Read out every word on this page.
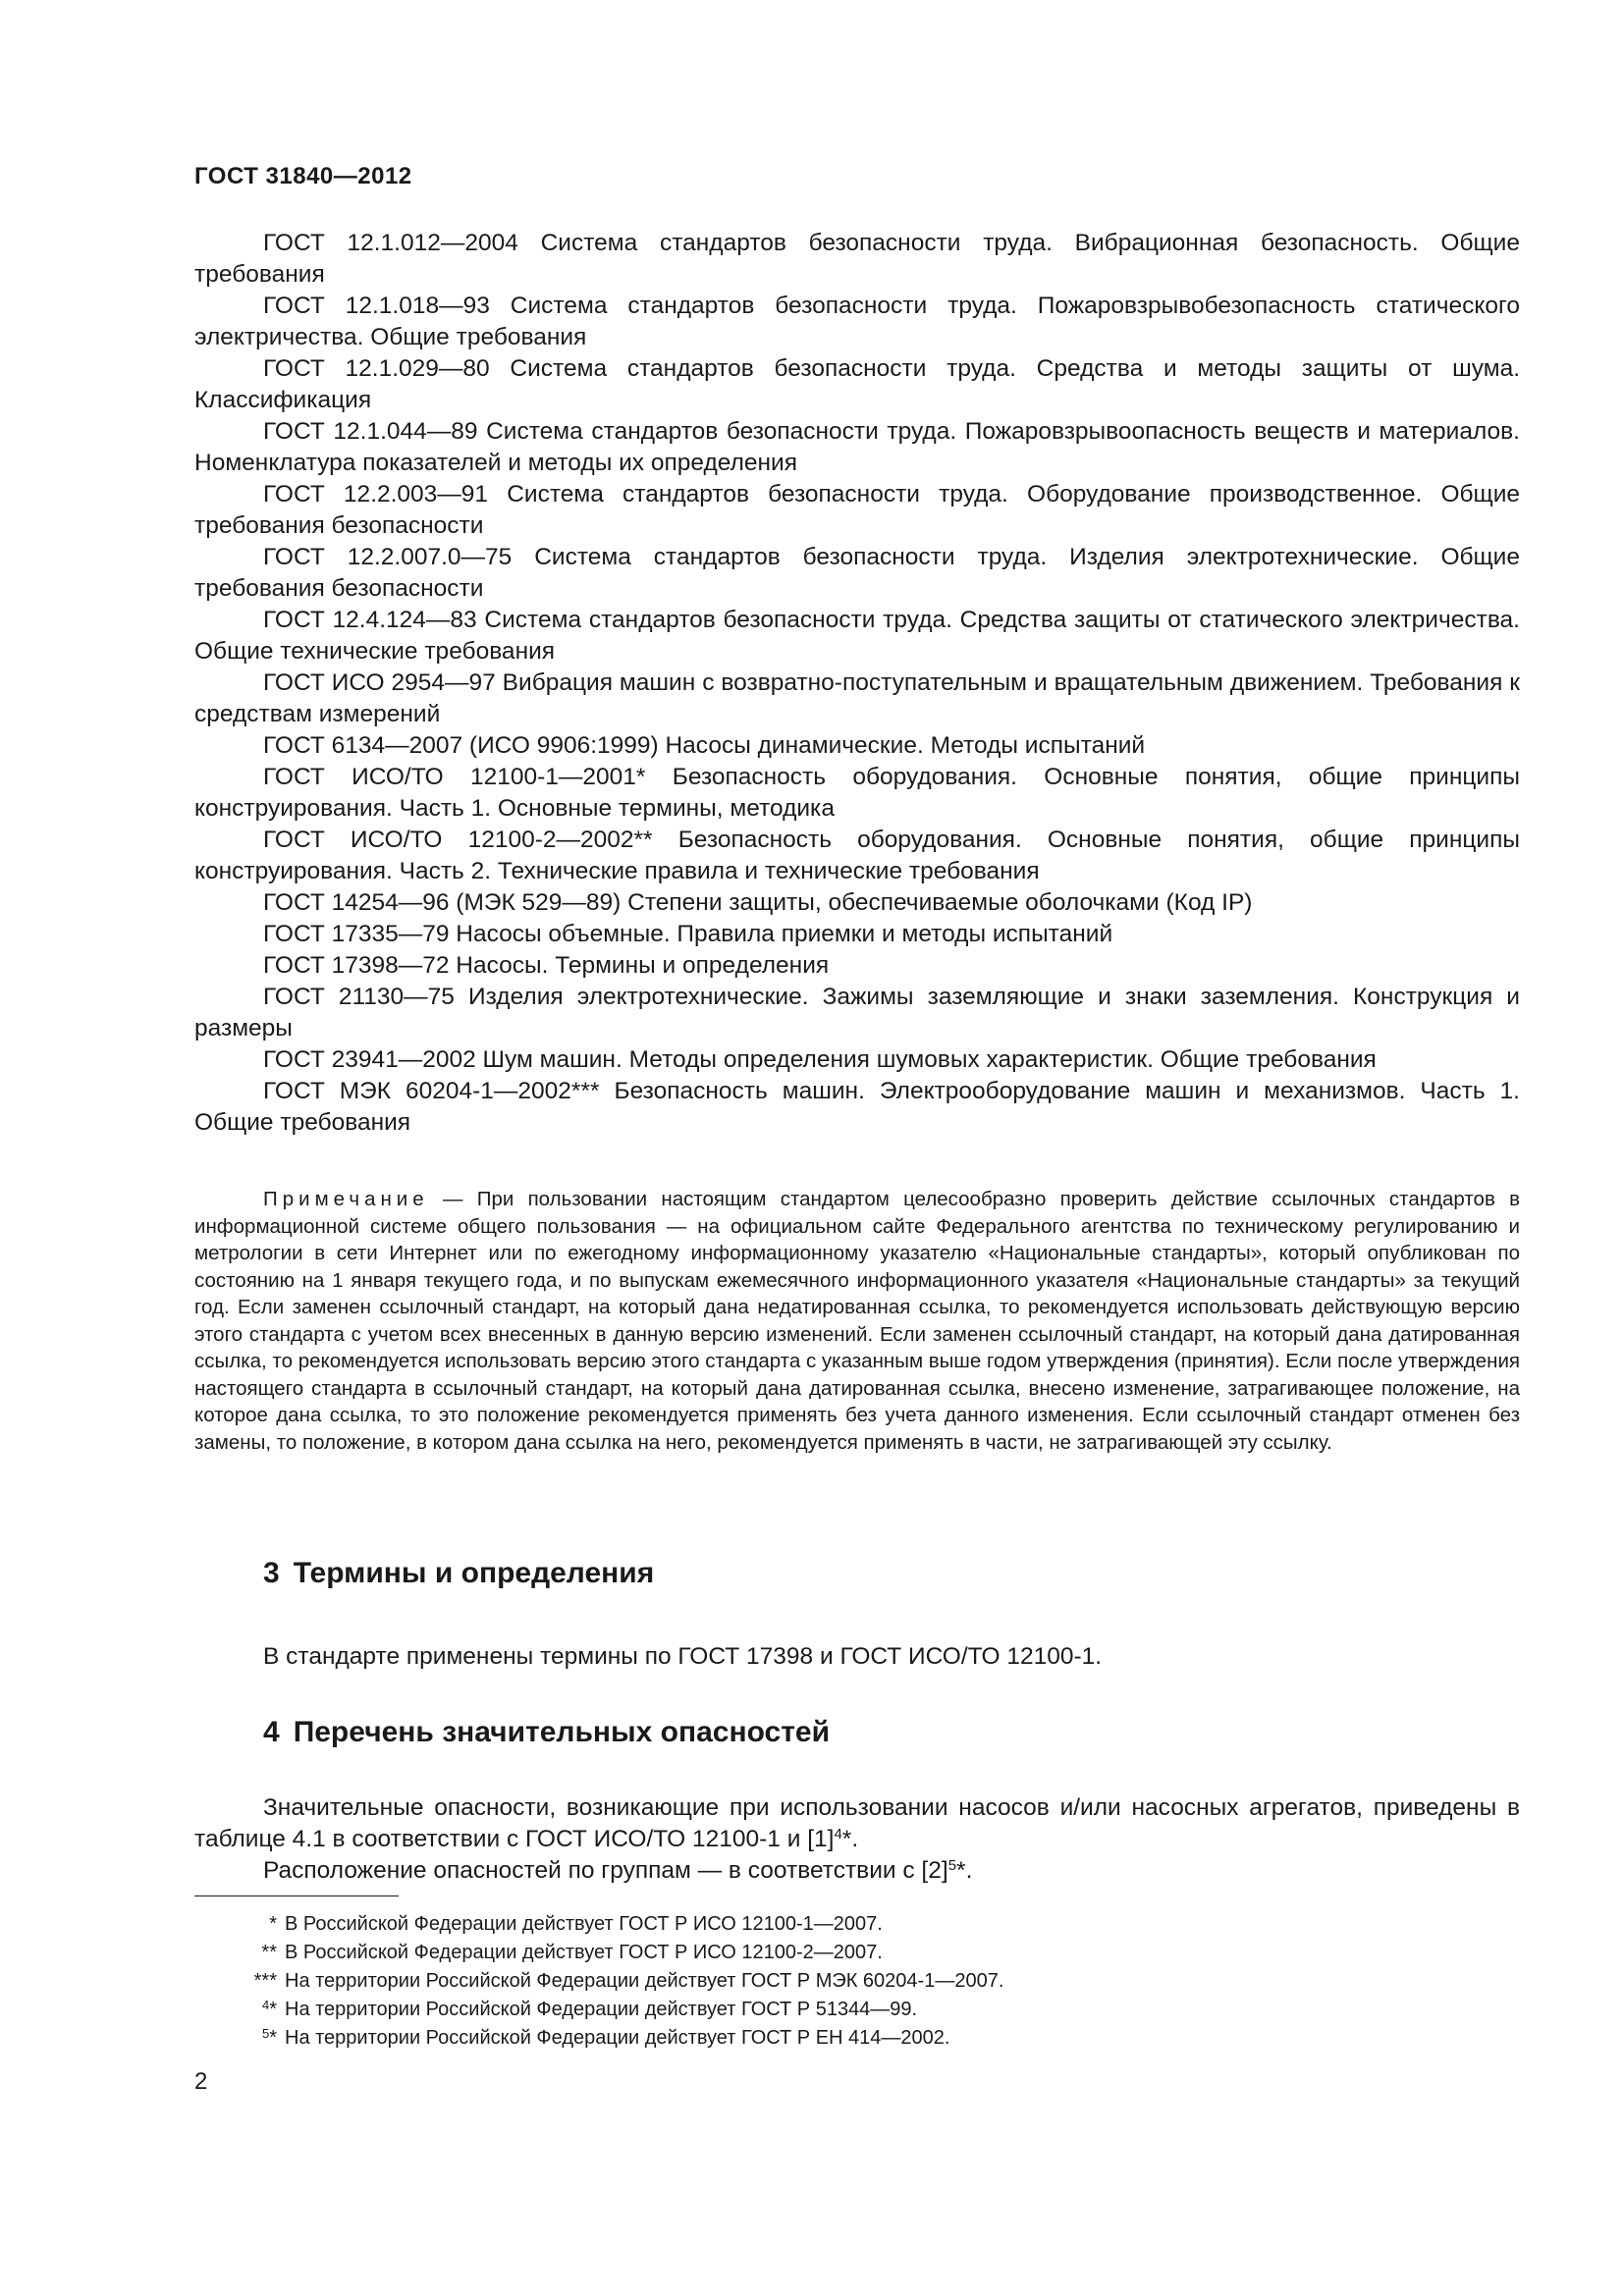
ГОСТ 31840—2012

ГОСТ 12.1.012—2004 Система стандартов безопасности труда. Вибрационная безопасность. Общие требования

ГОСТ 12.1.018—93 Система стандартов безопасности труда. Пожаровзрывобезопасность статического электричества. Общие требования

ГОСТ 12.1.029—80 Система стандартов безопасности труда. Средства и методы защиты от шума. Классификация

ГОСТ 12.1.044—89 Система стандартов безопасности труда. Пожаровзрывоопасность веществ и материалов. Номенклатура показателей и методы их определения

ГОСТ 12.2.003—91 Система стандартов безопасности труда. Оборудование производственное. Общие требования безопасности

ГОСТ 12.2.007.0—75 Система стандартов безопасности труда. Изделия электротехнические. Общие требования безопасности

ГОСТ 12.4.124—83 Система стандартов безопасности труда. Средства защиты от статического электричества. Общие технические требования

ГОСТ ИСО 2954—97 Вибрация машин с возвратно-поступательным и вращательным движением. Требования к средствам измерений

ГОСТ 6134—2007 (ИСО 9906:1999) Насосы динамические. Методы испытаний

ГОСТ ИСО/ТО 12100-1—2001* Безопасность оборудования. Основные понятия, общие принципы конструирования. Часть 1. Основные термины, методика

ГОСТ ИСО/ТО 12100-2—2002** Безопасность оборудования. Основные понятия, общие принципы конструирования. Часть 2. Технические правила и технические требования

ГОСТ 14254—96 (МЭК 529—89) Степени защиты, обеспечиваемые оболочками (Код IP)

ГОСТ 17335—79 Насосы объемные. Правила приемки и методы испытаний

ГОСТ 17398—72 Насосы. Термины и определения

ГОСТ 21130—75 Изделия электротехнические. Зажимы заземляющие и знаки заземления. Конструкция и размеры

ГОСТ 23941—2002 Шум машин. Методы определения шумовых характеристик. Общие требования

ГОСТ МЭК 60204-1—2002*** Безопасность машин. Электрооборудование машин и механизмов. Часть 1. Общие требования

Примечание — При пользовании настоящим стандартом целесообразно проверить действие ссылочных стандартов в информационной системе общего пользования — на официальном сайте Федерального агентства по техническому регулированию и метрологии в сети Интернет или по ежегодному информационному указателю «Национальные стандарты», который опубликован по состоянию на 1 января текущего года, и по выпускам ежемесячного информационного указателя «Национальные стандарты» за текущий год. Если заменен ссылочный стандарт, на который дана недатированная ссылка, то рекомендуется использовать действующую версию этого стандарта с учетом всех внесенных в данную версию изменений. Если заменен ссылочный стандарт, на который дана датированная ссылка, то рекомендуется использовать версию этого стандарта с указанным выше годом утверждения (принятия). Если после утверждения настоящего стандарта в ссылочный стандарт, на который дана датированная ссылка, внесено изменение, затрагивающее положение, на которое дана ссылка, то это положение рекомендуется применять без учета данного изменения. Если ссылочный стандарт отменен без замены, то положение, в котором дана ссылка на него, рекомендуется применять в части, не затрагивающей эту ссылку.

3 Термины и определения

В стандарте применены термины по ГОСТ 17398 и ГОСТ ИСО/ТО 12100-1.

4 Перечень значительных опасностей

Значительные опасности, возникающие при использовании насосов и/или насосных агрегатов, приведены в таблице 4.1 в соответствии с ГОСТ ИСО/ТО 12100-1 и $[1]^4*$.

Расположение опасностей по группам — в соответствии с $[2]^5*$.

* В Российской Федерации действует ГОСТ Р ИСО 12100-1—2007.

** В Российской Федерации действует ГОСТ Р ИСО 12100-2—2007.

*** На территории Российской Федерации действует ГОСТ Р МЭК 60204-1—2007.

$^4$* На территории Российской Федерации действует ГОСТ Р 51344—99.

$^5$* На территории Российской Федерации действует ГОСТ Р ЕН 414—2002.

2
